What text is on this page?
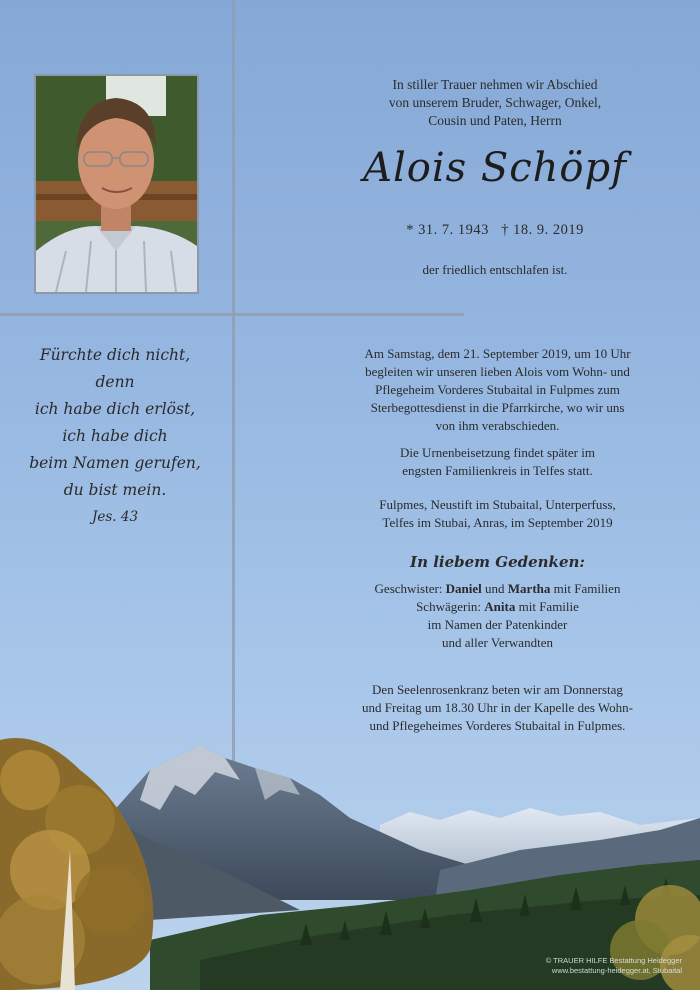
In stiller Trauer nehmen wir Abschied
von unserem Bruder, Schwager, Onkel,
Cousin und Paten, Herrn
Alois Schöpf
* 31. 7. 1943   † 18. 9. 2019
der friedlich entschlafen ist.
Fürchte dich nicht,
denn
ich habe dich erlöst,
ich habe dich
beim Namen gerufen,
du bist mein.
Jes. 43
Am Samstag, dem 21. September 2019, um 10 Uhr
begleiten wir unseren lieben Alois vom Wohn- und
Pflegeheim Vorderes Stubaital in Fulpmes zum
Sterbegottesdienst in die Pfarrkirche, wo wir uns
von ihm verabschieden.
Die Urnenbeisetzung findet später im
engsten Familienkreis in Telfes statt.
Fulpmes, Neustift im Stubaital, Unterperfuss,
Telfes im Stubai, Anras, im September 2019
In liebem Gedenken:
Geschwister: Daniel und Martha mit Familien
Schwägerin: Anita mit Familie
im Namen der Patenkinder
und aller Verwandten
Den Seelenrosenkranz beten wir am Donnerstag
und Freitag um 18.30 Uhr in der Kapelle des Wohn-
und Pflegeheimes Vorderes Stubaital in Fulpmes.
© TRAUER HILFE Bestattung Heidegger
www.bestattung-heidegger.at, Stubaital
